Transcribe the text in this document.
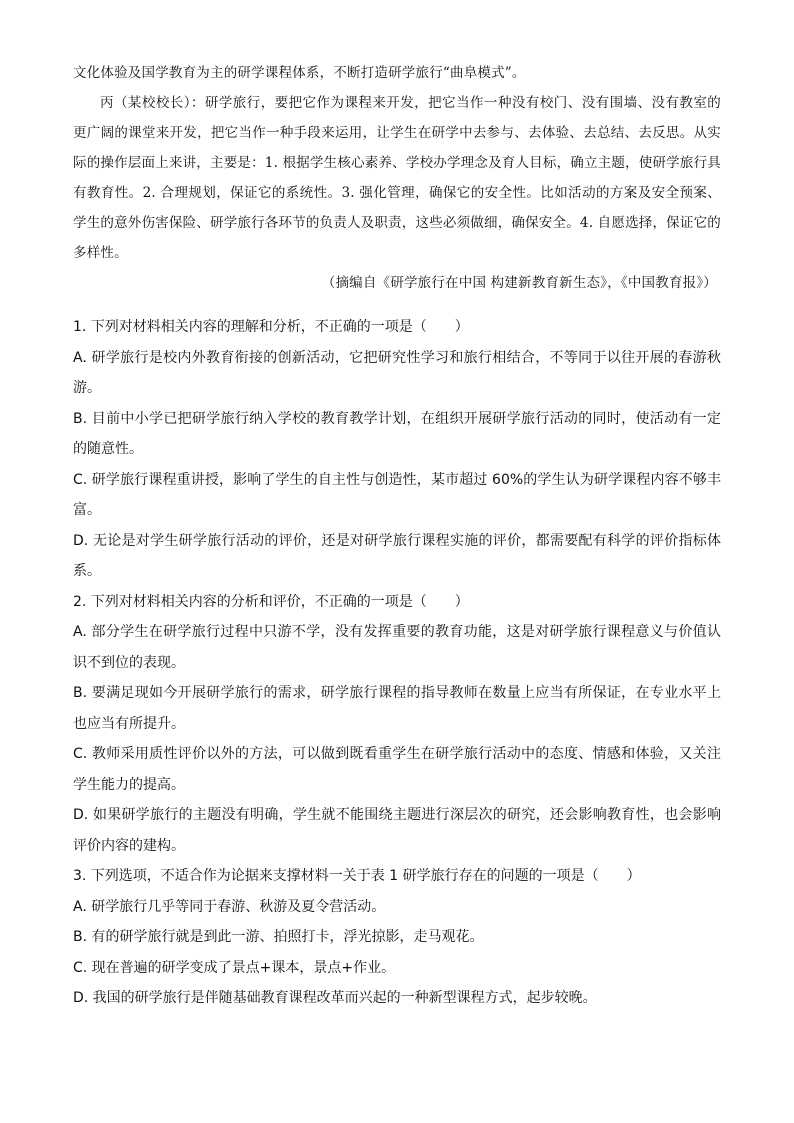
文化体验及国学教育为主的研学课程体系，不断打造研学旅行“曲阜模式”。

丙（某校校长）：研学旅行，要把它作为课程来开发，把它当作一种没有校门、没有围墙、没有教室的更广阔的课堂来开发，把它当作一种手段来运用，让学生在研学中去参与、去体验、去总结、去反思。从实际的操作层面上来讲，主要是：1. 根据学生核心素养、学校办学理念及育人目标，确立主题，使研学旅行具有教育性。2. 合理规划，保证它的系统性。3. 强化管理，确保它的安全性。比如活动的方案及安全预案、学生的意外伤害保险、研学旅行各环节的负责人及职责，这些必须做细，确保安全。4. 自愿选择，保证它的多样性。

（摘编自《研学旅行在中国 构建新教育新生态》，《中国教育报》）

1. 下列对材料相关内容的理解和分析，不正确的一项是（　　）

A. 研学旅行是校内外教育衔接的创新活动，它把研究性学习和旅行相结合，不等同于以往开展的春游秋游。

B. 目前中小学已把研学旅行纳入学校的教育教学计划，在组织开展研学旅行活动的同时，使活动有一定的随意性。

C. 研学旅行课程重讲授，影响了学生的自主性与创造性，某市超过 60%的学生认为研学课程内容不够丰富。

D. 无论是对学生研学旅行活动的评价，还是对研学旅行课程实施的评价，都需要配有科学的评价指标体系。

2. 下列对材料相关内容的分析和评价，不正确的一项是（　　）

A. 部分学生在研学旅行过程中只游不学，没有发挥重要的教育功能，这是对研学旅行课程意义与价值认识不到位的表现。

B. 要满足现如今开展研学旅行的需求，研学旅行课程的指导教师在数量上应当有所保证，在专业水平上也应当有所提升。

C. 教师采用质性评价以外的方法，可以做到既看重学生在研学旅行活动中的态度、情感和体验，又关注学生能力的提高。

D. 如果研学旅行的主题没有明确，学生就不能围绕主题进行深层次的研究，还会影响教育性，也会影响评价内容的建构。

3. 下列选项，不适合作为论据来支撑材料一关于表 1 研学旅行存在的问题的一项是（　　）

A. 研学旅行几乎等同于春游、秋游及夏令营活动。

B. 有的研学旅行就是到此一游、拍照打卡，浮光掠影，走马观花。

C. 现在普遍的研学变成了景点+课本，景点+作业。

D. 我国的研学旅行是伴随基础教育课程改革而兴起的一种新型课程方式，起步较晚。
